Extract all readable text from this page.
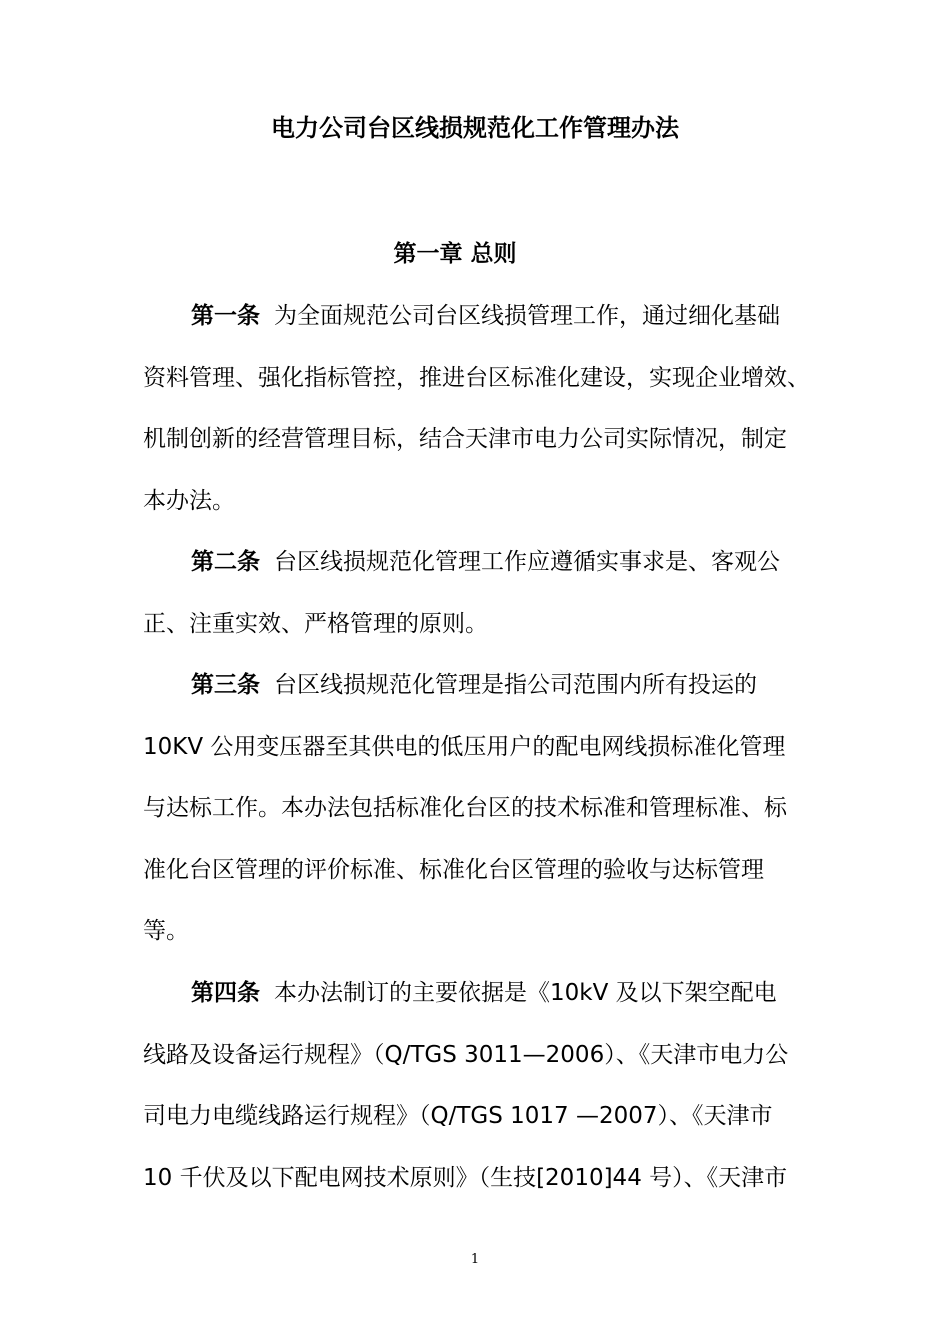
电力公司台区线损规范化工作管理办法
第一章 总则
第一条 为全面规范公司台区线损管理工作，通过细化基础
资料管理、强化指标管控，推进台区标准化建设，实现企业增效、
机制创新的经营管理目标，结合天津市电力公司实际情况，制定
本办法。
第二条 台区线损规范化管理工作应遵循实事求是、客观公
正、注重实效、严格管理的原则。
第三条 台区线损规范化管理是指公司范围内所有投运的
10KV 公用变压器至其供电的低压用户的配电网线损标准化管理
与达标工作。本办法包括标准化台区的技术标准和管理标准、标
准化台区管理的评价标准、标准化台区管理的验收与达标管理
等。
第四条 本办法制订的主要依据是《10kV 及以下架空配电
线路及设备运行规程》（Q/TGS 3011—2006）、《天津市电力公
司电力电缆线路运行规程》（Q/TGS 1017 —2007）、《天津市
10 千伏及以下配电网技术原则》（生技[2010]44 号）、《天津市
1
